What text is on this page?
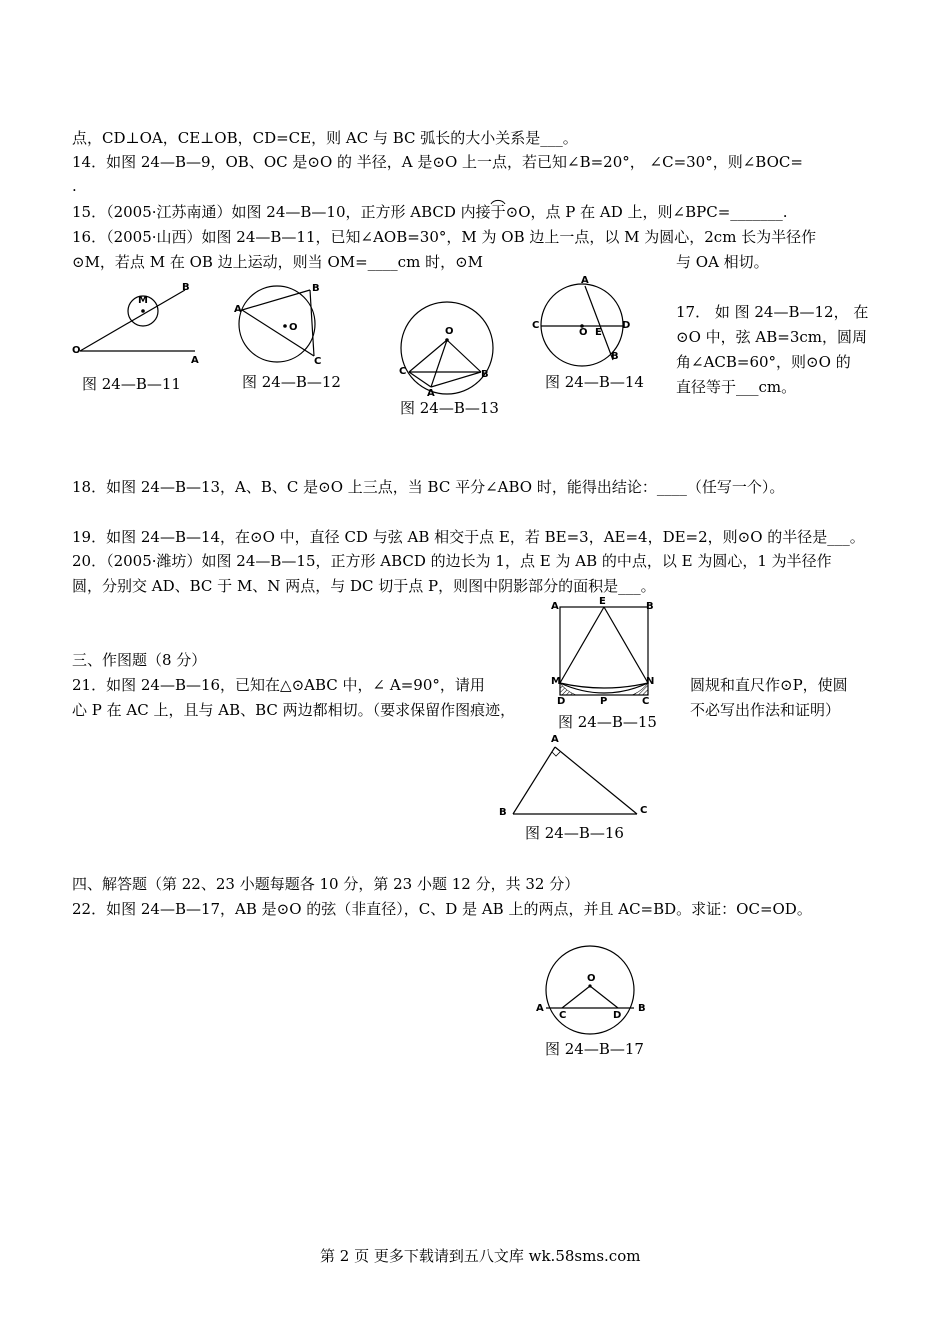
点，CD⊥OA，CE⊥OB，CD=CE，则 AC 与 BC 弧长的大小关系是___。
14．如图 24—B—9，OB、OC 是⊙O 的 半径，A 是⊙O 上一点，若已知∠B=20°， ∠C=30°，则∠BOC=
.
15．（2005·江苏南通）如图 24—B—10，正方形 ABCD 内接于⊙O，点 P 在 AD 上，则∠BPC=_______.
16．（2005·山西）如图 24—B—11，已知∠AOB=30°，M 为 OB 边上一点，以 M 为圆心，2cm 长为半径作
⊙M，若点 M 在 OB 边上运动，则当 OM=____cm 时，⊙M	与 OA 相切。
O
A
B
M
图 24—B—11
A
B
C
O
图 24—B—12
O
A
B
C
图 24—B—13
A
B
C	D
O E
图 24—B—14
17． 如 图 24—B—12， 在
⊙O 中，弦 AB=3cm，圆周
角∠ACB=60°，则⊙O 的
直径等于___cm。
18．如图 24—B—13，A、B、C 是⊙O 上三点，当 BC 平分∠ABO 时，能得出结论：____（任写一个）。
19．如图 24—B—14，在⊙O 中，直径 CD 与弦 AB 相交于点 E，若 BE=3，AE=4，DE=2，则⊙O 的半径是___。
20．（2005·潍坊）如图 24—B—15，正方形 ABCD 的边长为 1，点 E 为 AB 的中点，以 E 为圆心，1 为半径作
圆，分别交 AD、BC 于 M、N 两点，与 DC 切于点 P，则图中阴影部分的面积是___。
A	B
E
M	N
D	P	C
图 24—B—15
三、作图题（8 分）
21．如图 24—B—16，已知在△⊙ABC 中，∠ A=90°，请用	圆规和直尺作⊙P，使圆
心 P 在 AC 上，且与 AB、BC 两边都相切。（要求保留作图痕迹，	不必写出作法和证明）
A
B	C
图 24—B—16
四、解答题（第 22、23 小题每题各 10 分，第 23 小题 12 分，共 32 分）
22．如图 24—B—17，AB 是⊙O 的弦（非直径），C、D 是 AB 上的两点，并且 AC=BD。求证：OC=OD。
O
A	B
C	D
图 24—B—17
第 2 页 更多下载请到五八文库 wk.58sms.com
